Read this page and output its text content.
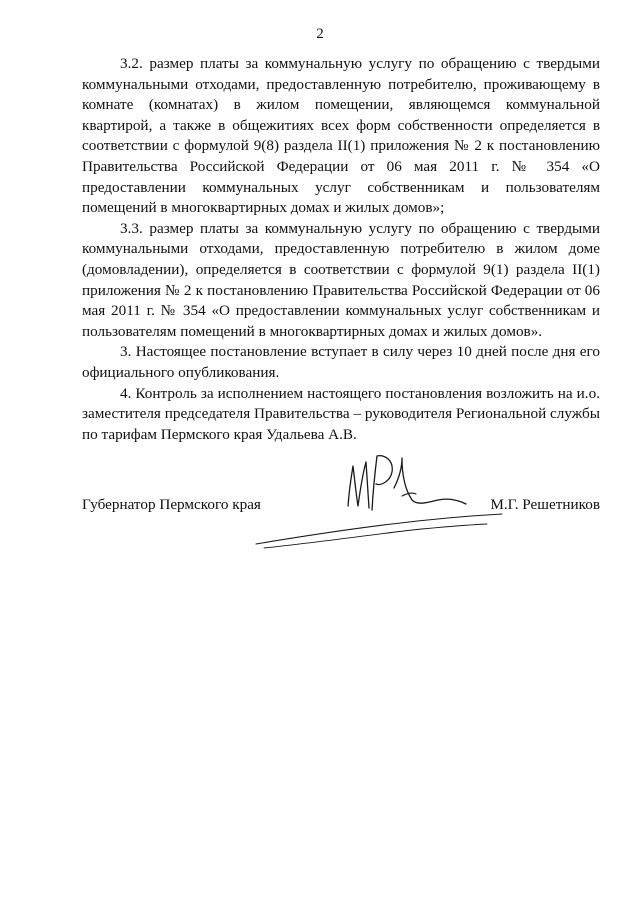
2

3.2. размер платы за коммунальную услугу по обращению с твердыми коммунальными отходами, предоставленную потребителю, проживающему в комнате (комнатах) в жилом помещении, являющемся коммунальной квартирой, а также в общежитиях всех форм собственности определяется в соответствии с формулой 9(8) раздела II(1) приложения № 2 к постановлению Правительства Российской Федерации от 06 мая 2011 г. № 354 «О предоставлении коммунальных услуг собственникам и пользователям помещений в многоквартирных домах и жилых домов»;

3.3. размер платы за коммунальную услугу по обращению с твердыми коммунальными отходами, предоставленную потребителю в жилом доме (домовладении), определяется в соответствии с формулой 9(1) раздела II(1) приложения № 2 к постановлению Правительства Российской Федерации от 06 мая 2011 г. № 354 «О предоставлении коммунальных услуг собственникам и пользователям помещений в многоквартирных домах и жилых домов».

3. Настоящее постановление вступает в силу через 10 дней после дня его официального опубликования.

4. Контроль за исполнением настоящего постановления возложить на и.о. заместителя председателя Правительства – руководителя Региональной службы по тарифам Пермского края Удальева А.В.

Губернатор Пермского края	М.Г. Решетников
